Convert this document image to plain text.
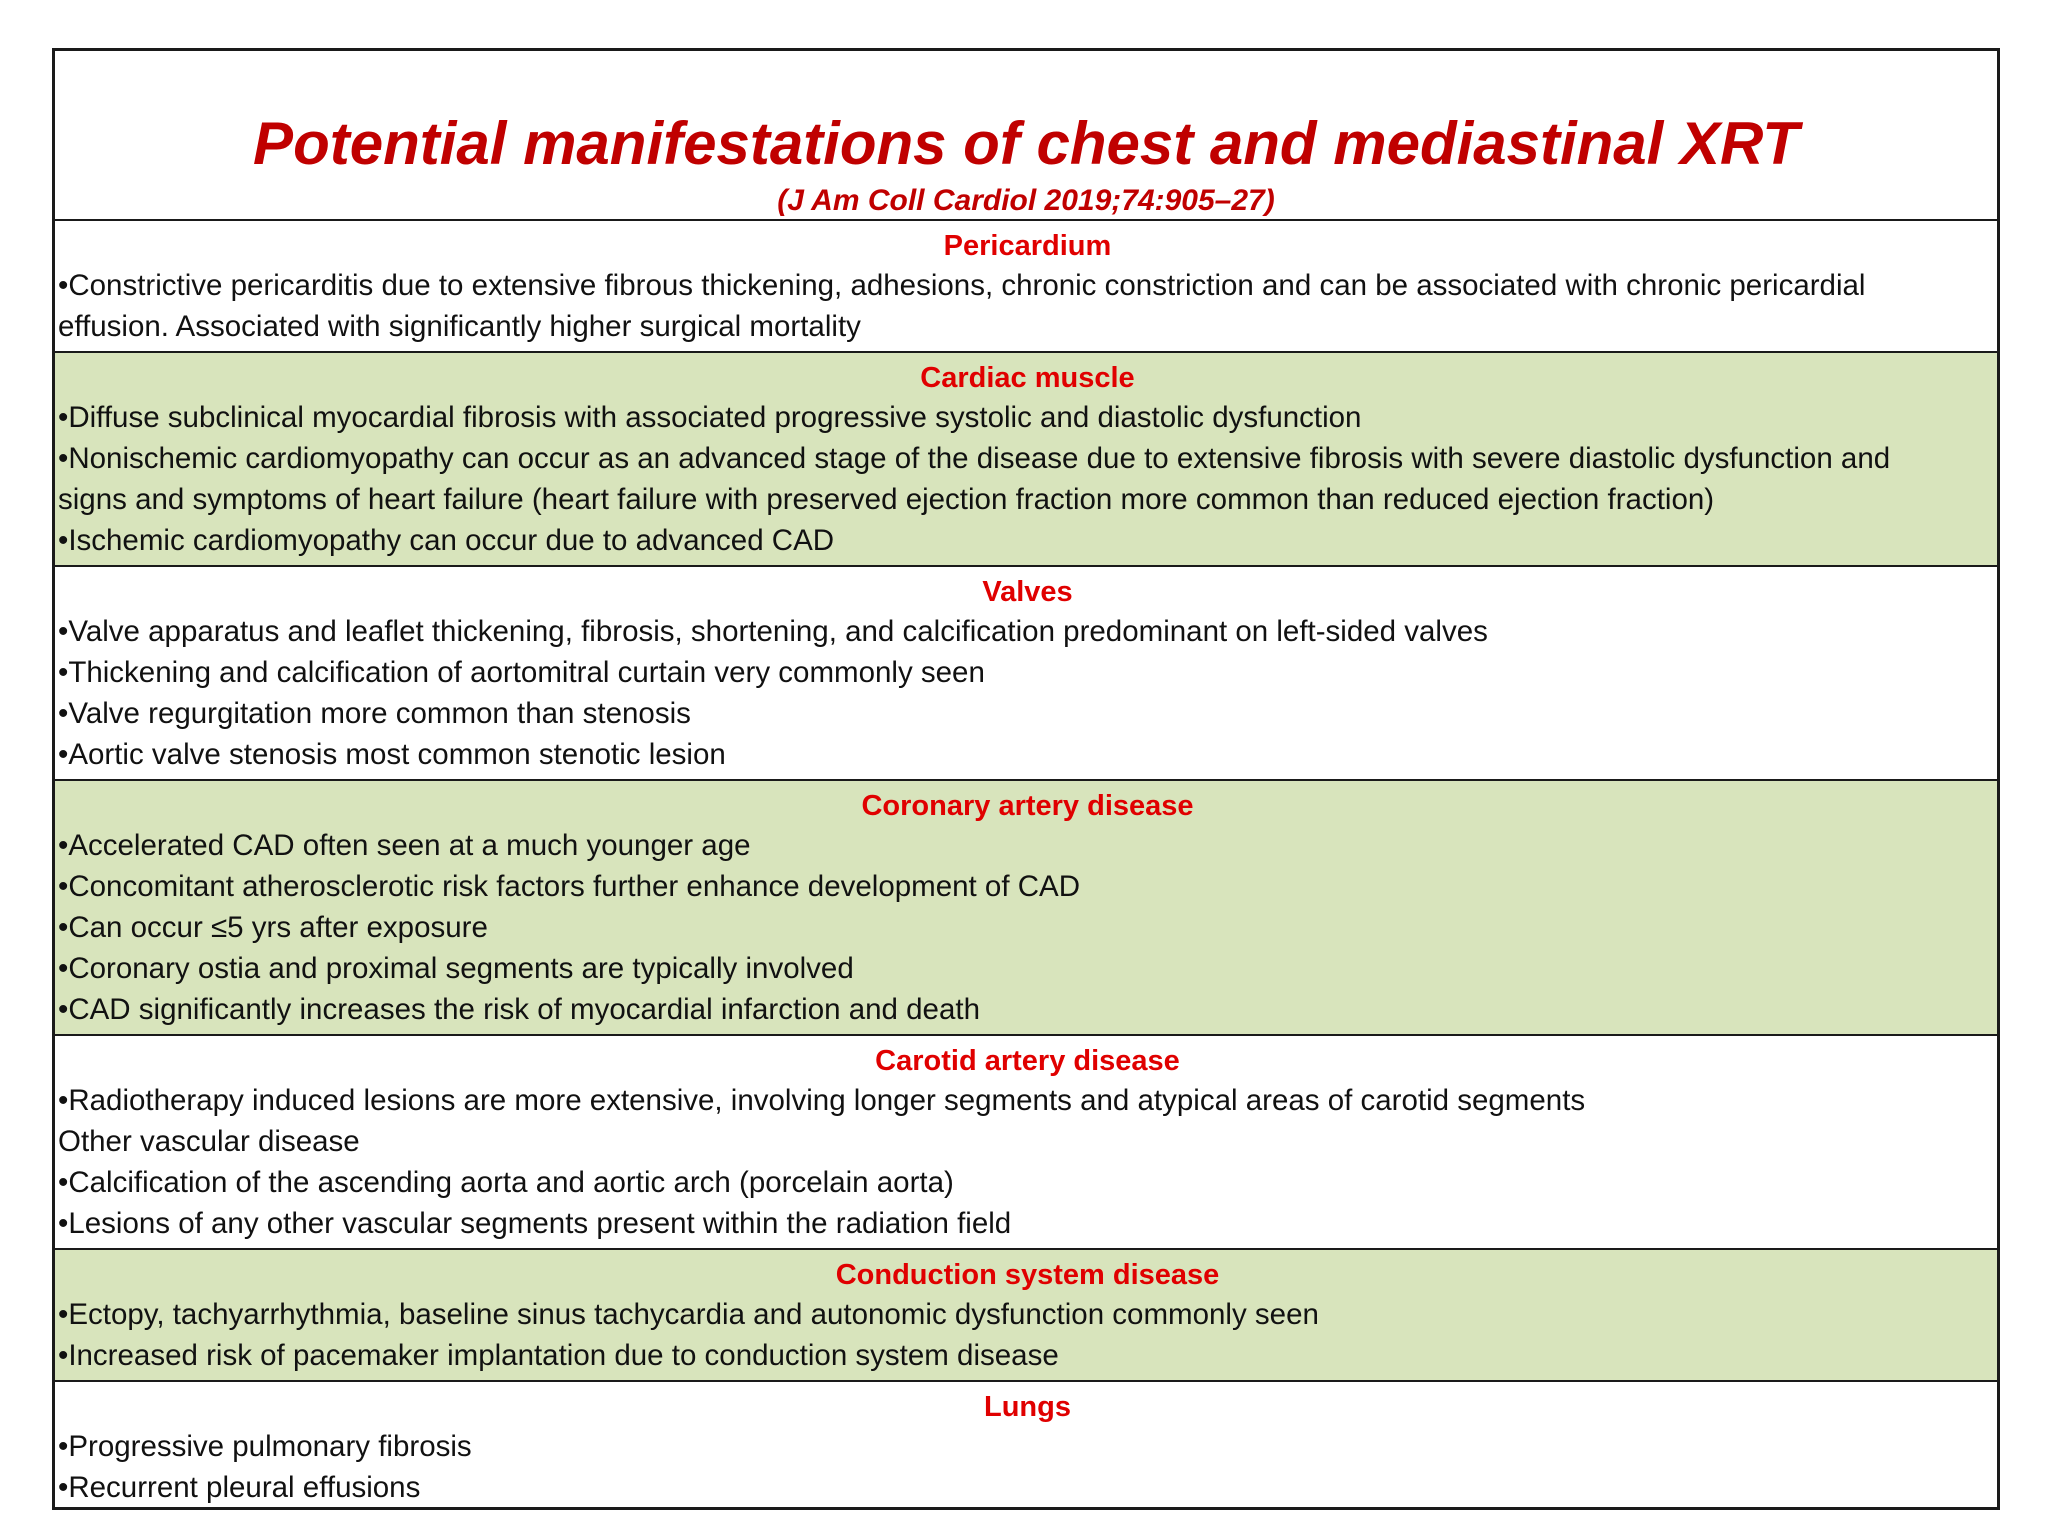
Potential manifestations of chest and mediastinal XRT
(J Am Coll Cardiol 2019;74:905–27)
Pericardium
•Constrictive pericarditis due to extensive fibrous thickening, adhesions, chronic constriction and can be associated with chronic pericardial
effusion. Associated with significantly higher surgical mortality
Cardiac muscle
•Diffuse subclinical myocardial fibrosis with associated progressive systolic and diastolic dysfunction
•Nonischemic cardiomyopathy can occur as an advanced stage of the disease due to extensive fibrosis with severe diastolic dysfunction and
signs and symptoms of heart failure (heart failure with preserved ejection fraction more common than reduced ejection fraction)
•Ischemic cardiomyopathy can occur due to advanced CAD
Valves
•Valve apparatus and leaflet thickening, fibrosis, shortening, and calcification predominant on left-sided valves
•Thickening and calcification of aortomitral curtain very commonly seen
•Valve regurgitation more common than stenosis
•Aortic valve stenosis most common stenotic lesion
Coronary artery disease
•Accelerated CAD often seen at a much younger age
•Concomitant atherosclerotic risk factors further enhance development of CAD
•Can occur ≤5 yrs after exposure
•Coronary ostia and proximal segments are typically involved
•CAD significantly increases the risk of myocardial infarction and death
Carotid artery disease
•Radiotherapy induced lesions are more extensive, involving longer segments and atypical areas of carotid segments
Other vascular disease
•Calcification of the ascending aorta and aortic arch (porcelain aorta)
•Lesions of any other vascular segments present within the radiation field
Conduction system disease
•Ectopy, tachyarrhythmia, baseline sinus tachycardia and autonomic dysfunction commonly seen
•Increased risk of pacemaker implantation due to conduction system disease
Lungs
•Progressive pulmonary fibrosis
•Recurrent pleural effusions
